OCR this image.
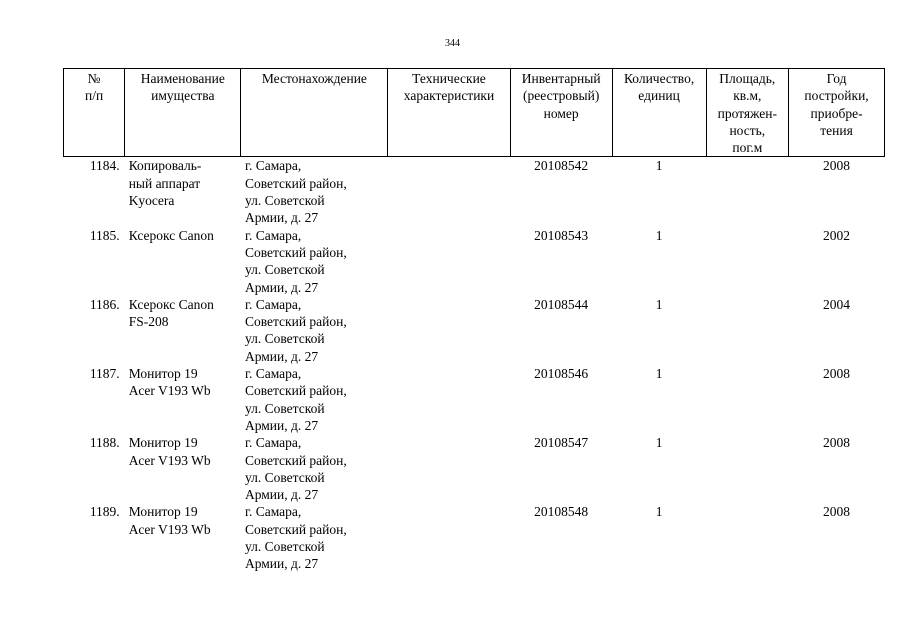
344
№
п/п	Наименование
имущества	Местонахождение	Технические
характеристики	Инвентарный
(реестровый)
номер	Количество,
единиц	Площадь,
кв.м,
протяжен-
ность,
пог.м	Год
постройки,
приобре-
тения
1184.	Копироваль-
ный аппарат
Kyocera	г. Самара,
Советский район,
ул. Советской
Армии, д. 27		20108542	1		2008
1185.	Ксерокс Canon	г. Самара,
Советский район,
ул. Советской
Армии, д. 27		20108543	1		2002
1186.	Ксерокс Canon
FS-208	г. Самара,
Советский район,
ул. Советской
Армии, д. 27		20108544	1		2004
1187.	Монитор 19
Acer V193 Wb	г. Самара,
Советский район,
ул. Советской
Армии, д. 27		20108546	1		2008
1188.	Монитор 19
Acer V193 Wb	г. Самара,
Советский район,
ул. Советской
Армии, д. 27		20108547	1		2008
1189.	Монитор 19
Acer V193 Wb	г. Самара,
Советский район,
ул. Советской
Армии, д. 27		20108548	1		2008
